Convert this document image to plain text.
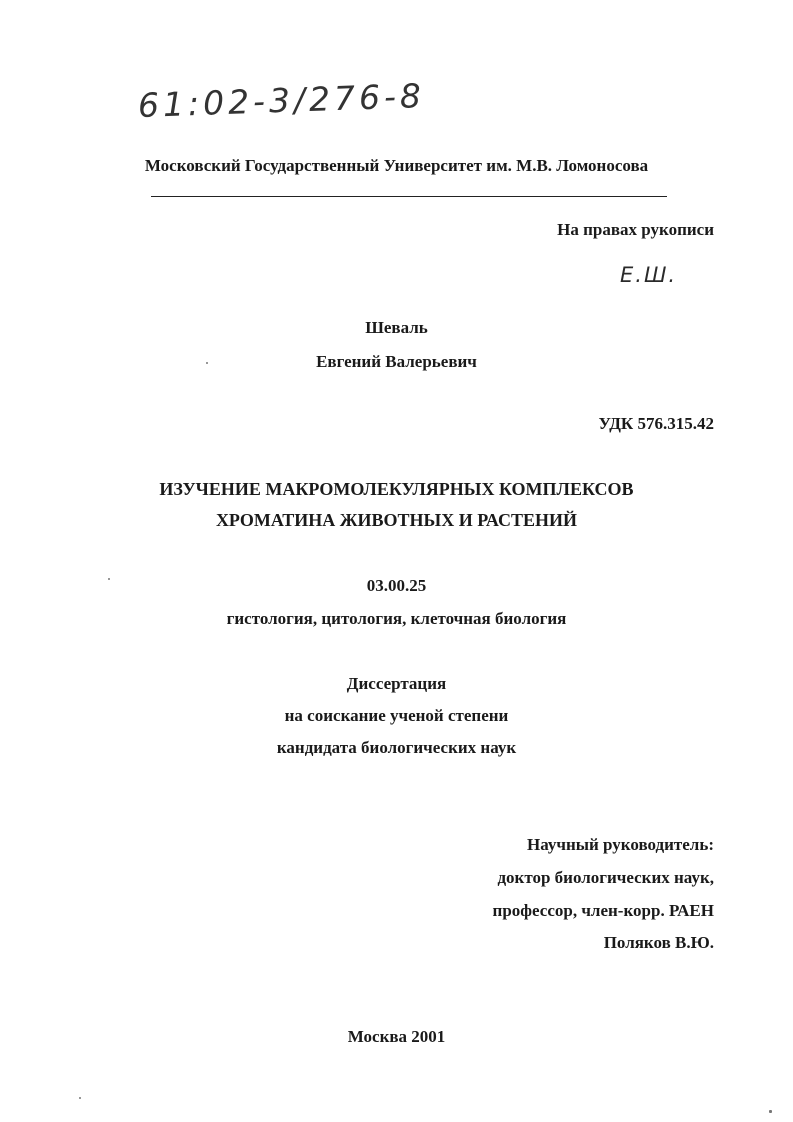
61:02-3/276-8
Московский Государственный Университет им. М.В. Ломоносова
На правах рукописи
Е.Ш.
Шеваль
Евгений Валерьевич
УДК 576.315.42
ИЗУЧЕНИЕ МАКРОМОЛЕКУЛЯРНЫХ КОМПЛЕКСОВ
ХРОМАТИНА ЖИВОТНЫХ И РАСТЕНИЙ
03.00.25
гистология, цитология, клеточная биология
Диссертация
на соискание ученой степени
кандидата биологических наук
Научный руководитель:
доктор биологических наук,
профессор, член-корр. РАЕН
Поляков В.Ю.
Москва 2001
